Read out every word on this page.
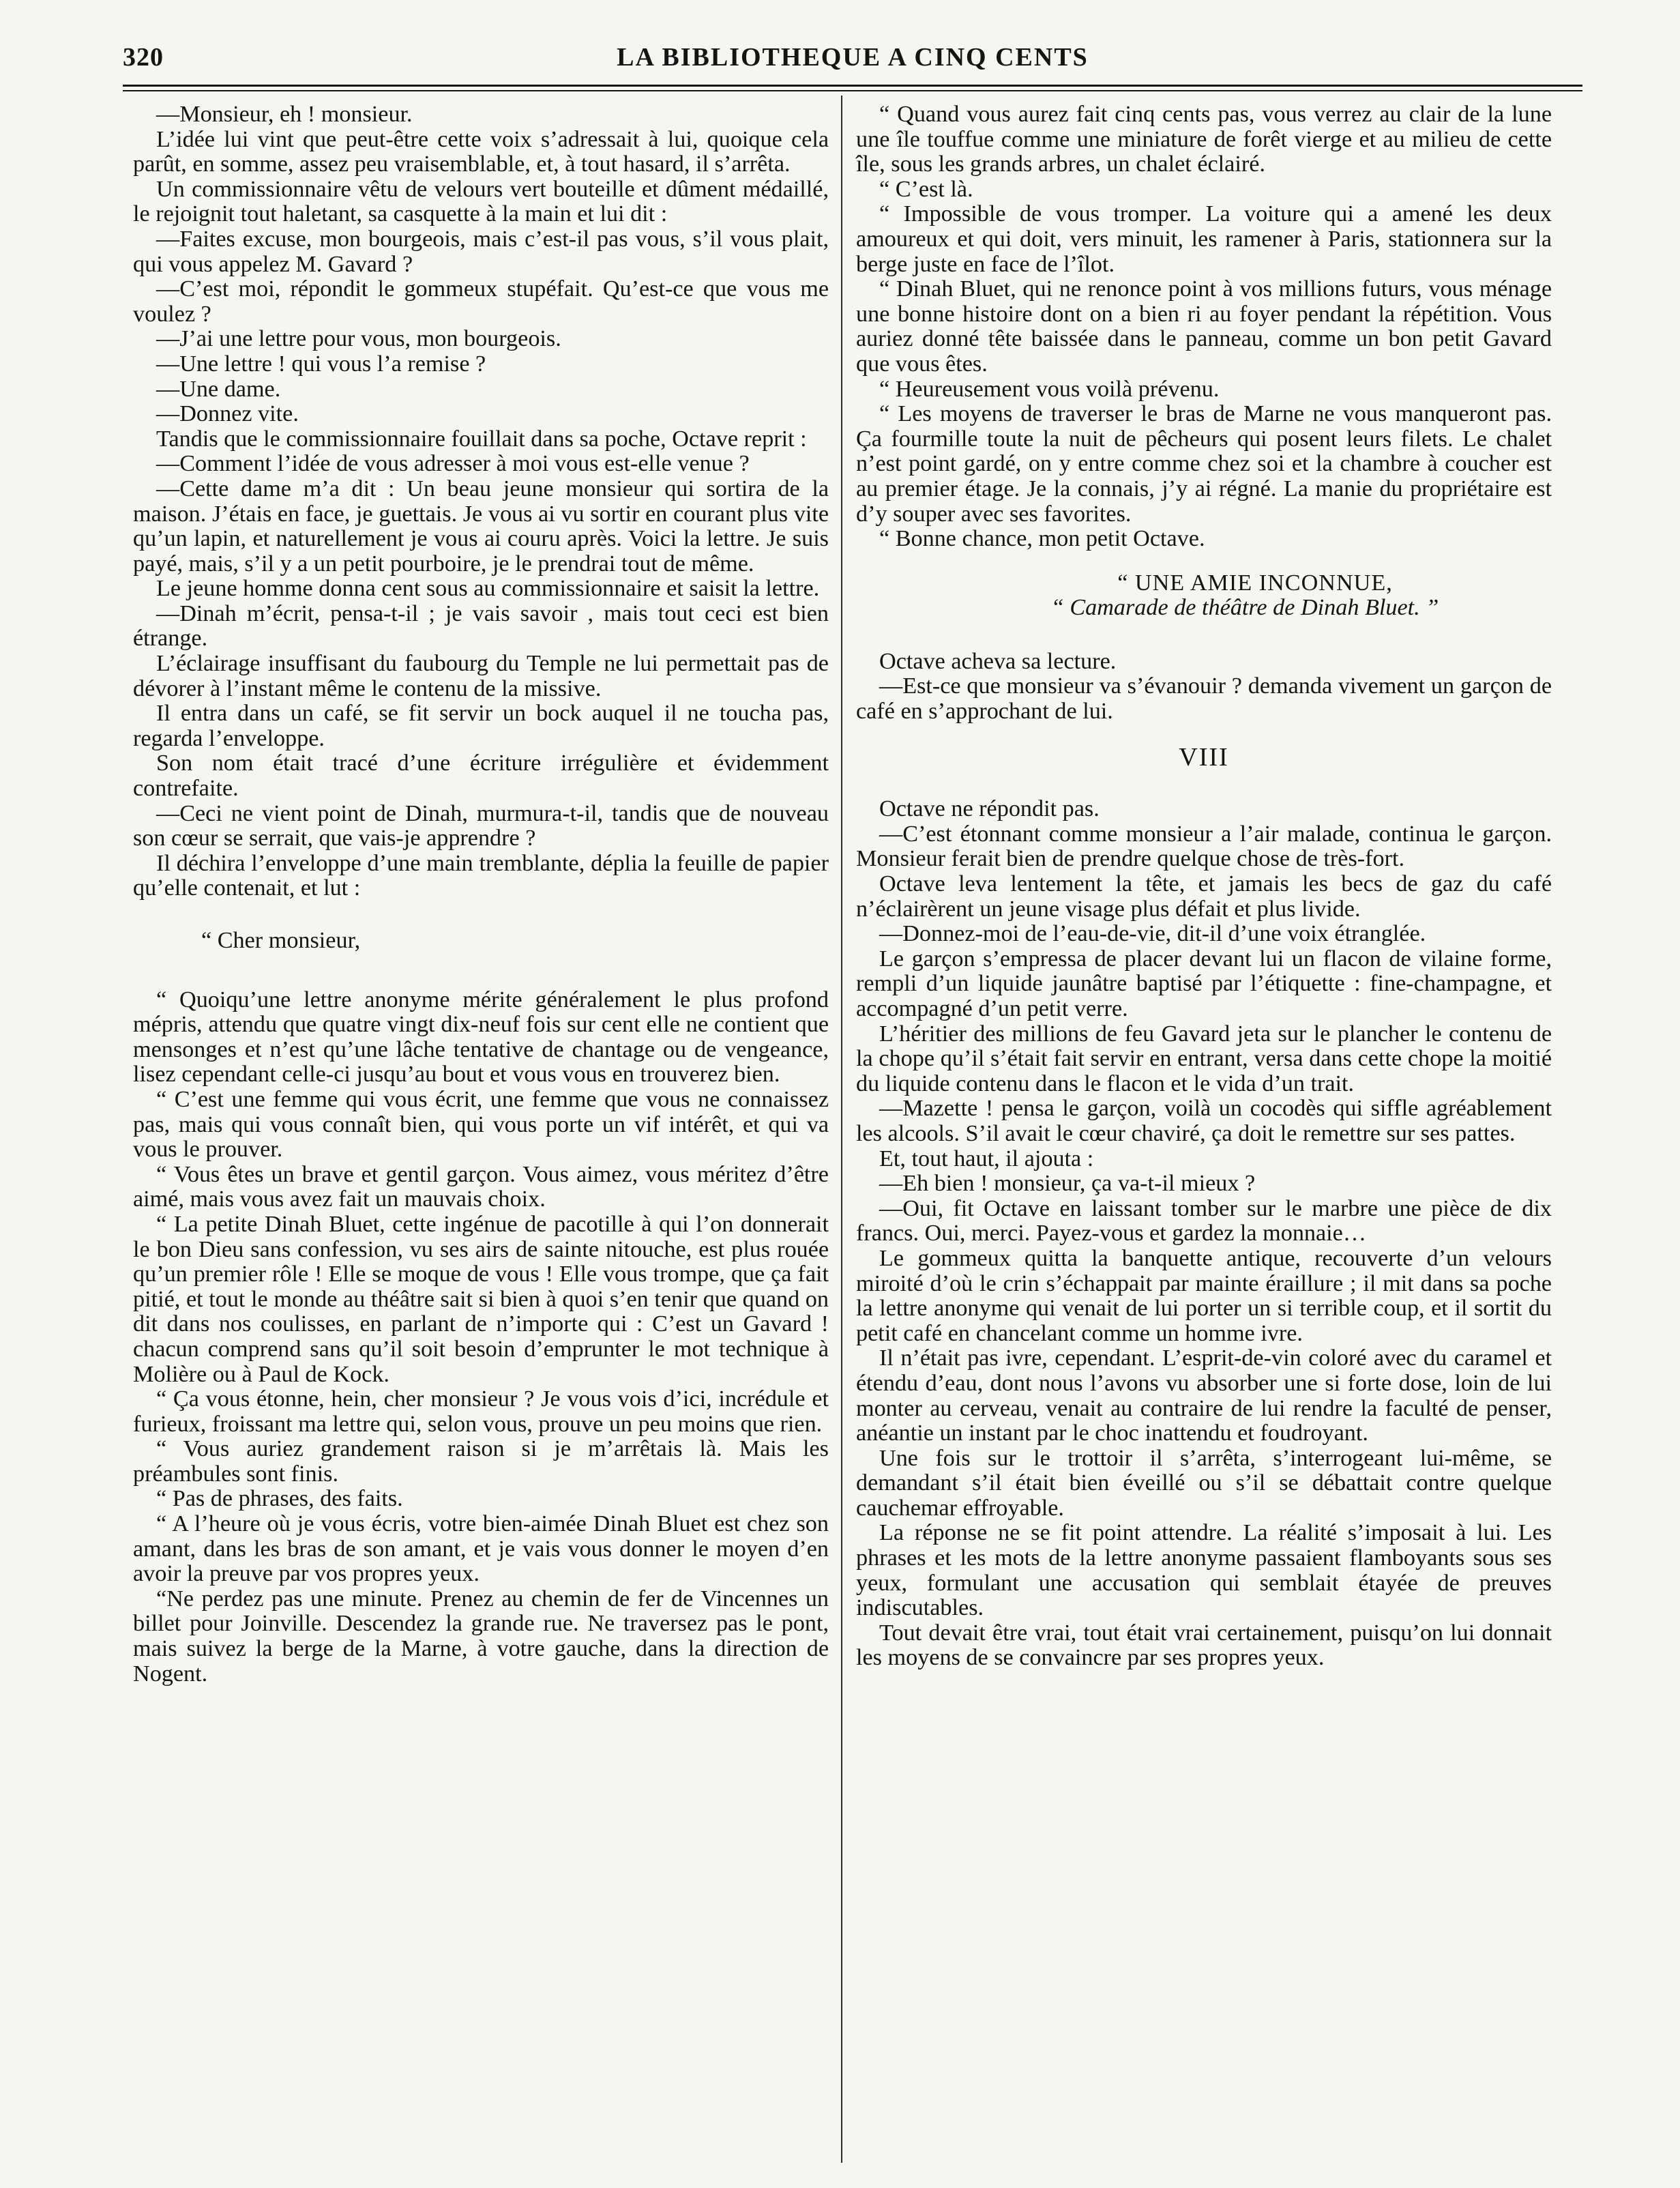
320	LA BIBLIOTHEQUE A CINQ CENTS

—Monsieur, eh ! monsieur.

L’idée lui vint que peut-être cette voix s’adressait à lui, quoique cela parût, en somme, assez peu vraisemblable, et, à tout hasard, il s’arrêta.

Un commissionnaire vêtu de velours vert bouteille et dûment médaillé, le rejoignit tout haletant, sa casquette à la main et lui dit :

—Faites excuse, mon bourgeois, mais c’est-il pas vous, s’il vous plait, qui vous appelez M. Gavard ?

—C’est moi, répondit le gommeux stupéfait. Qu’est-ce que vous me voulez ?

—J’ai une lettre pour vous, mon bourgeois.

—Une lettre ! qui vous l’a remise ?

—Une dame.

—Donnez vite.

Tandis que le commissionnaire fouillait dans sa poche, Octave reprit :

—Comment l’idée de vous adresser à moi vous est-elle venue ?

—Cette dame m’a dit : Un beau jeune monsieur qui sortira de la maison. J’étais en face, je guettais. Je vous ai vu sortir en courant plus vite qu’un lapin, et naturellement je vous ai couru après. Voici la lettre. Je suis payé, mais, s’il y a un petit pourboire, je le prendrai tout de même.

Le jeune homme donna cent sous au commissionnaire et saisit la lettre.

—Dinah m’écrit, pensa-t-il ; je vais savoir , mais tout ceci est bien étrange.

L’éclairage insuffisant du faubourg du Temple ne lui permettait pas de dévorer à l’instant même le contenu de la missive.

Il entra dans un café, se fit servir un bock auquel il ne toucha pas, regarda l’enveloppe.

Son nom était tracé d’une écriture irrégulière et évidemment contrefaite.

—Ceci ne vient point de Dinah, murmura-t-il, tandis que de nouveau son cœur se serrait, que vais-je apprendre ?

Il déchira l’enveloppe d’une main tremblante, déplia la feuille de papier qu’elle contenait, et lut :

“ Cher monsieur,

“ Quoiqu’une lettre anonyme mérite généralement le plus profond mépris, attendu que quatre vingt dix-neuf fois sur cent elle ne contient que mensonges et n’est qu’une lâche tentative de chantage ou de vengeance, lisez cependant celle-ci jusqu’au bout et vous vous en trouverez bien.

“ C’est une femme qui vous écrit, une femme que vous ne connaissez pas, mais qui vous connaît bien, qui vous porte un vif intérêt, et qui va vous le prouver.

“ Vous êtes un brave et gentil garçon. Vous aimez, vous méritez d’être aimé, mais vous avez fait un mauvais choix.

“ La petite Dinah Bluet, cette ingénue de pacotille à qui l’on donnerait le bon Dieu sans confession, vu ses airs de sainte nitouche, est plus rouée qu’un premier rôle ! Elle se moque de vous ! Elle vous trompe, que ça fait pitié, et tout le monde au théâtre sait si bien à quoi s’en tenir que quand on dit dans nos coulisses, en parlant de n’importe qui : C’est un Gavard ! chacun comprend sans qu’il soit besoin d’emprunter le mot technique à Molière ou à Paul de Kock.

“ Ça vous étonne, hein, cher monsieur ? Je vous vois d’ici, incrédule et furieux, froissant ma lettre qui, selon vous, prouve un peu moins que rien.

“ Vous auriez grandement raison si je m’arrêtais là. Mais les préambules sont finis.

“ Pas de phrases, des faits.

“ A l’heure où je vous écris, votre bien-aimée Dinah Bluet est chez son amant, dans les bras de son amant, et je vais vous donner le moyen d’en avoir la preuve par vos propres yeux.

“Ne perdez pas une minute. Prenez au chemin de fer de Vincennes un billet pour Joinville. Descendez la grande rue. Ne traversez pas le pont, mais suivez la berge de la Marne, à votre gauche, dans la direction de Nogent.

“ Quand vous aurez fait cinq cents pas, vous verrez au clair de la lune une île touffue comme une miniature de forêt vierge et au milieu de cette île, sous les grands arbres, un chalet éclairé.

“ C’est là.

“ Impossible de vous tromper. La voiture qui a amené les deux amoureux et qui doit, vers minuit, les ramener à Paris, stationnera sur la berge juste en face de l’îlot.

“ Dinah Bluet, qui ne renonce point à vos millions futurs, vous ménage une bonne histoire dont on a bien ri au foyer pendant la répétition. Vous auriez donné tête baissée dans le panneau, comme un bon petit Gavard que vous êtes.

“ Heureusement vous voilà prévenu.

“ Les moyens de traverser le bras de Marne ne vous manqueront pas. Ça fourmille toute la nuit de pêcheurs qui posent leurs filets. Le chalet n’est point gardé, on y entre comme chez soi et la chambre à coucher est au premier étage. Je la connais, j’y ai régné. La manie du propriétaire est d’y souper avec ses favorites.

“ Bonne chance, mon petit Octave.

“ UNE AMIE INCONNUE,

“ Camarade de théâtre de Dinah Bluet. ”

Octave acheva sa lecture.

—Est-ce que monsieur va s’évanouir ? demanda vivement un garçon de café en s’approchant de lui.

VIII

Octave ne répondit pas.

—C’est étonnant comme monsieur a l’air malade, continua le garçon. Monsieur ferait bien de prendre quelque chose de très-fort.

Octave leva lentement la tête, et jamais les becs de gaz du café n’éclairèrent un jeune visage plus défait et plus livide.

—Donnez-moi de l’eau-de-vie, dit-il d’une voix étranglée.

Le garçon s’empressa de placer devant lui un flacon de vilaine forme, rempli d’un liquide jaunâtre baptisé par l’étiquette : fine-champagne, et accompagné d’un petit verre.

L’héritier des millions de feu Gavard jeta sur le plancher le contenu de la chope qu’il s’était fait servir en entrant, versa dans cette chope la moitié du liquide contenu dans le flacon et le vida d’un trait.

—Mazette ! pensa le garçon, voilà un cocodès qui siffle agréablement les alcools. S’il avait le cœur chaviré, ça doit le remettre sur ses pattes.

Et, tout haut, il ajouta :

—Eh bien ! monsieur, ça va-t-il mieux ?

—Oui, fit Octave en laissant tomber sur le marbre une pièce de dix francs. Oui, merci. Payez-vous et gardez la monnaie…

Le gommeux quitta la banquette antique, recouverte d’un velours miroité d’où le crin s’échappait par mainte éraillure ; il mit dans sa poche la lettre anonyme qui venait de lui porter un si terrible coup, et il sortit du petit café en chancelant comme un homme ivre.

Il n’était pas ivre, cependant. L’esprit-de-vin coloré avec du caramel et étendu d’eau, dont nous l’avons vu absorber une si forte dose, loin de lui monter au cerveau, venait au contraire de lui rendre la faculté de penser, anéantie un instant par le choc inattendu et foudroyant.

Une fois sur le trottoir il s’arrêta, s’interrogeant lui-même, se demandant s’il était bien éveillé ou s’il se débattait contre quelque cauchemar effroyable.

La réponse ne se fit point attendre. La réalité s’imposait à lui. Les phrases et les mots de la lettre anonyme passaient flamboyants sous ses yeux, formulant une accusation qui semblait étayée de preuves indiscutables.

Tout devait être vrai, tout était vrai certainement, puisqu’on lui donnait les moyens de se convaincre par ses propres yeux.
